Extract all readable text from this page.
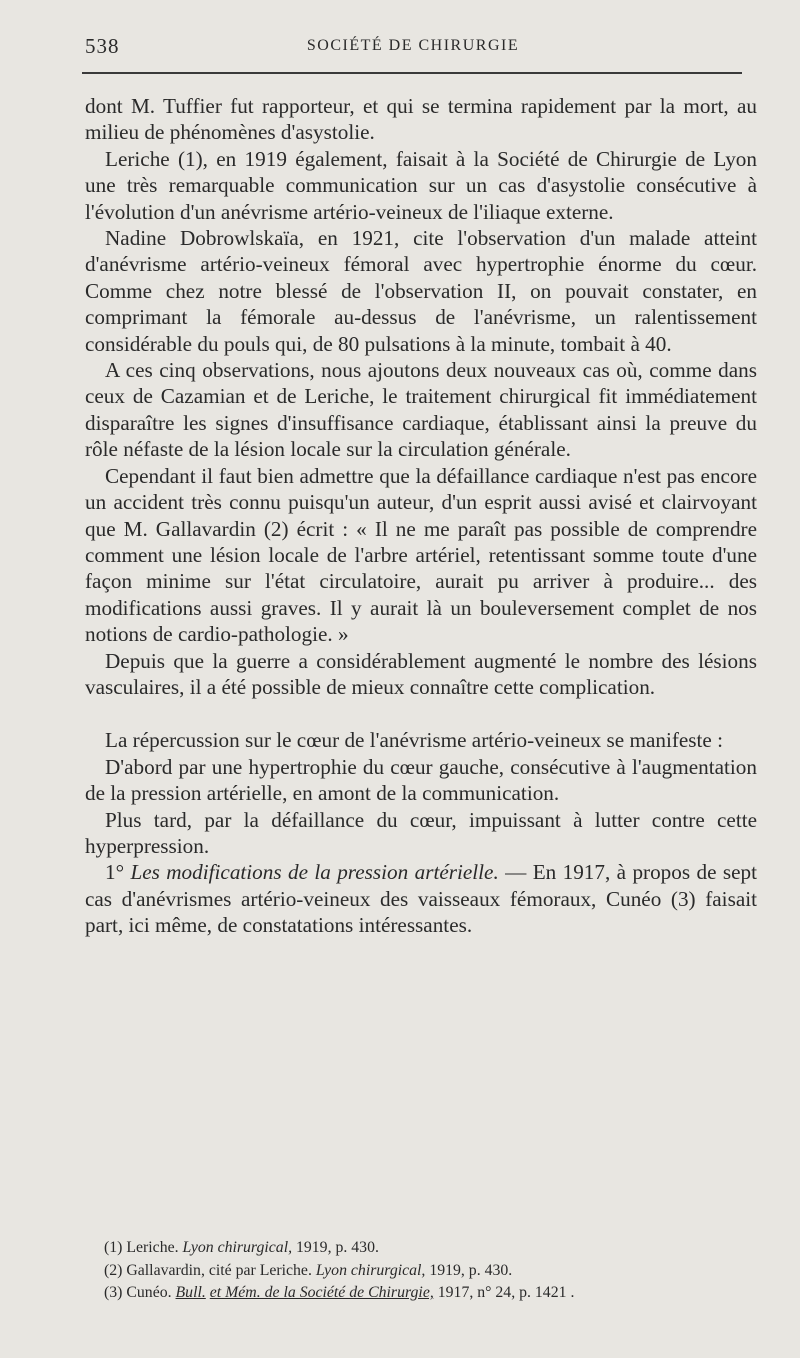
538	SOCIÉTÉ DE CHIRURGIE

dont M. Tuffier fut rapporteur, et qui se termina rapidement par la mort, au milieu de phénomènes d'asystolie.

Leriche (1), en 1919 également, faisait à la Société de Chirurgie de Lyon une très remarquable communication sur un cas d'asystolie consécutive à l'évolution d'un anévrisme artério-veineux de l'iliaque externe.

Nadine Dobrowlskaïa, en 1921, cite l'observation d'un malade atteint d'anévrisme artério-veineux fémoral avec hypertrophie énorme du cœur. Comme chez notre blessé de l'observation II, on pouvait constater, en comprimant la fémorale au-dessus de l'anévrisme, un ralentissement considérable du pouls qui, de 80 pulsations à la minute, tombait à 40.

A ces cinq observations, nous ajoutons deux nouveaux cas où, comme dans ceux de Cazamian et de Leriche, le traitement chirurgical fit immédiatement disparaître les signes d'insuffisance cardiaque, établissant ainsi la preuve du rôle néfaste de la lésion locale sur la circulation générale.

Cependant il faut bien admettre que la défaillance cardiaque n'est pas encore un accident très connu puisqu'un auteur, d'un esprit aussi avisé et clairvoyant que M. Gallavardin (2) écrit : « Il ne me paraît pas possible de comprendre comment une lésion locale de l'arbre artériel, retentissant somme toute d'une façon minime sur l'état circulatoire, aurait pu arriver à produire... des modifications aussi graves. Il y aurait là un bouleversement complet de nos notions de cardio-pathologie. »

Depuis que la guerre a considérablement augmenté le nombre des lésions vasculaires, il a été possible de mieux connaître cette complication.

La répercussion sur le cœur de l'anévrisme artério-veineux se manifeste :

D'abord par une hypertrophie du cœur gauche, consécutive à l'augmentation de la pression artérielle, en amont de la communication.

Plus tard, par la défaillance du cœur, impuissant à lutter contre cette hyperpression.

1° Les modifications de la pression artérielle. — En 1917, à propos de sept cas d'anévrismes artério-veineux des vaisseaux fémoraux, Cunéo (3) faisait part, ici même, de constatations intéressantes.

(1) Leriche. Lyon chirurgical, 1919, p. 430.

(2) Gallavardin, cité par Leriche. Lyon chirurgical, 1919, p. 430.

(3) Cunéo. Bull. et Mém. de la Société de Chirurgie, 1917, n° 24, p. 1421 .
